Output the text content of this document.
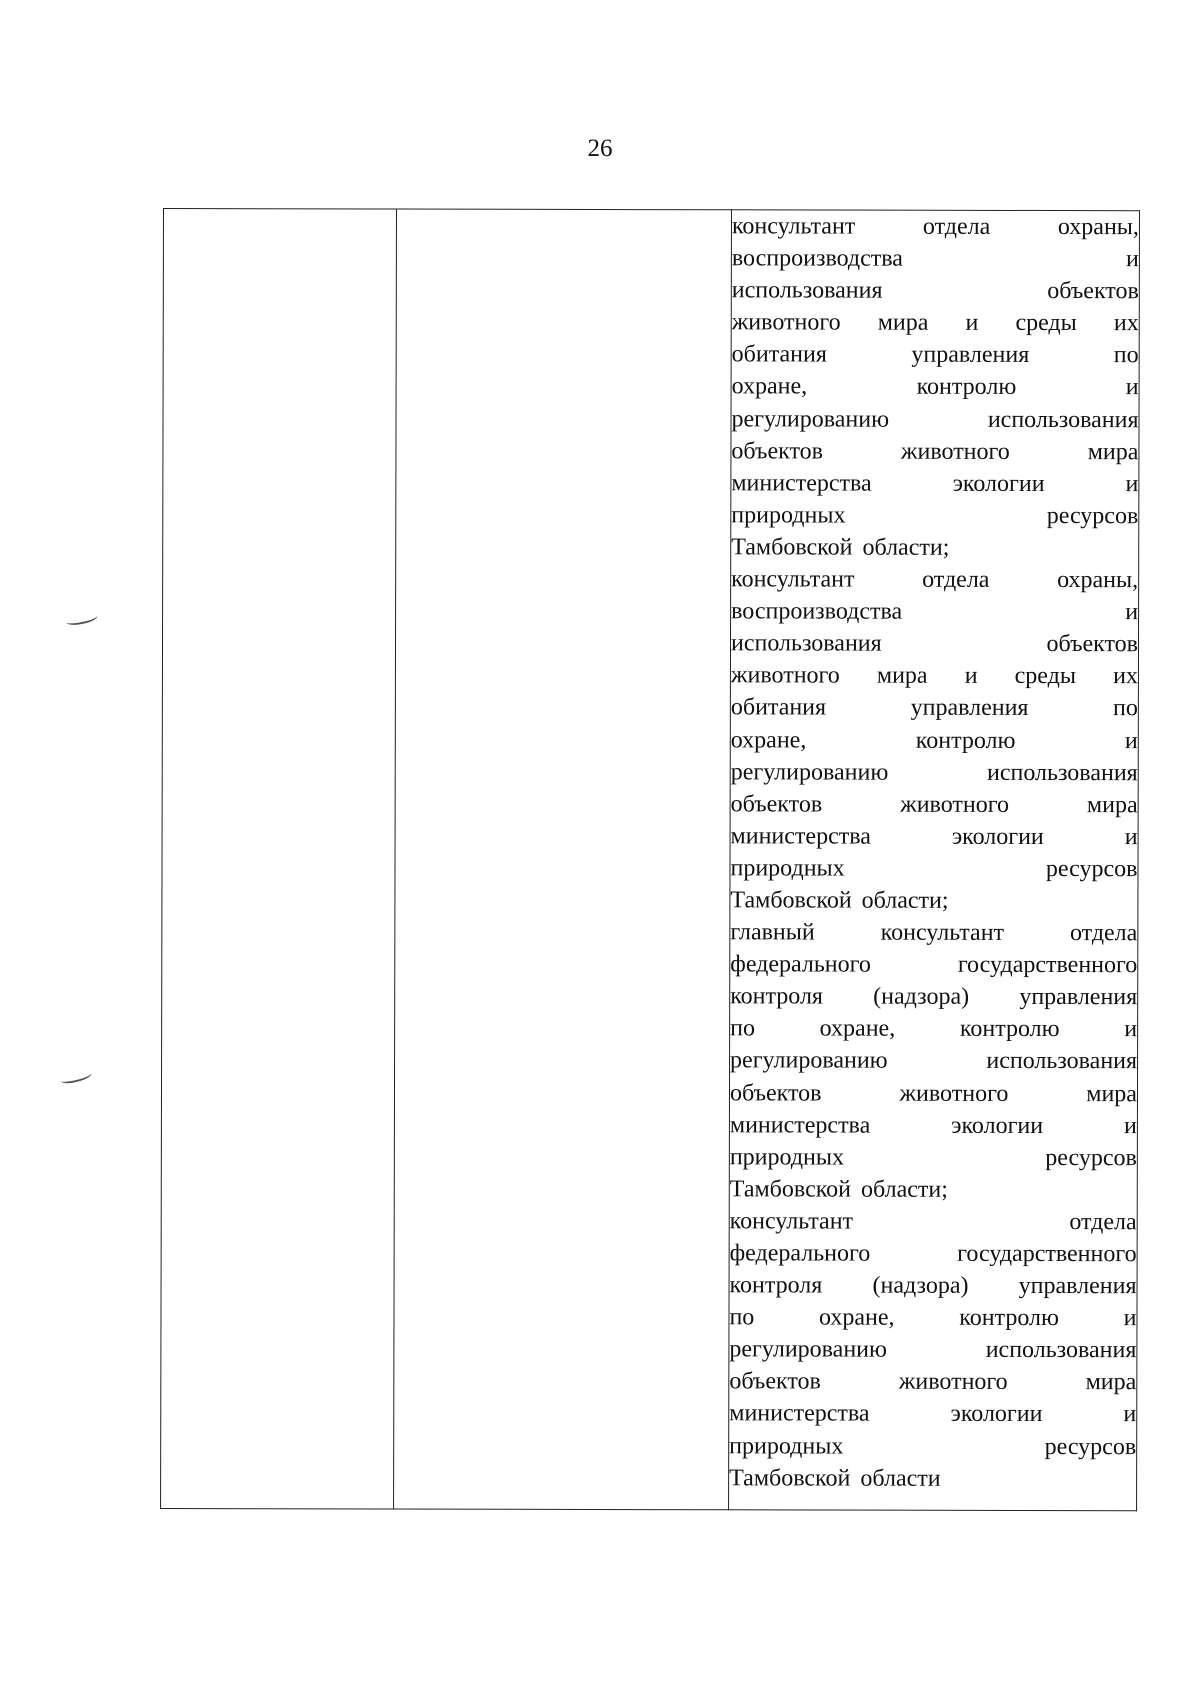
26

консультант	отдела	охраны,
воспроизводства	и
использования	объектов
животного мира и среды их
обитания	управления	по
охране,	контролю	и
регулированию	использования
объектов	животного	мира
министерства	экологии	и
природных	ресурсов
Тамбовской области;
консультант	отдела	охраны,
воспроизводства	и
использования	объектов
животного мира и среды их
обитания	управления	по
охране,	контролю	и
регулированию	использования
объектов	животного	мира
министерства	экологии	и
природных	ресурсов
Тамбовской области;
главный	консультант	отдела
федерального	государственного
контроля (надзора) управления
по	охране,	контролю	и
регулированию	использования
объектов	животного	мира
министерства	экологии	и
природных	ресурсов
Тамбовской области;
консультант	отдела
федерального	государственного
контроля (надзора) управления
по	охране,	контролю	и
регулированию	использования
объектов	животного	мира
министерства	экологии	и
природных	ресурсов
Тамбовской области
